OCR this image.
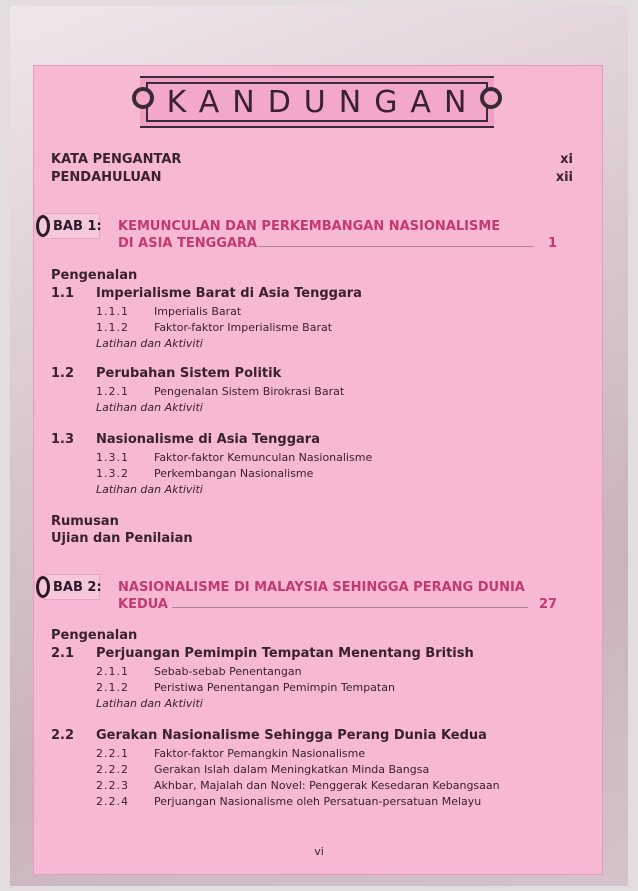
KANDUNGAN
KATA PENGANTAR	xi
PENDAHULUAN	xii
BAB 1: KEMUNCULAN DAN PERKEMBANGAN NASIONALISME
DI ASIA TENGGARA	1
Pengenalan
1.1 Imperialisme Barat di Asia Tenggara
1.1.1 Imperialis Barat
1.1.2 Faktor-faktor Imperialisme Barat
Latihan dan Aktiviti
1.2 Perubahan Sistem Politik
1.2.1 Pengenalan Sistem Birokrasi Barat
Latihan dan Aktiviti
1.3 Nasionalisme di Asia Tenggara
1.3.1 Faktor-faktor Kemunculan Nasionalisme
1.3.2 Perkembangan Nasionalisme
Latihan dan Aktiviti
Rumusan
Ujian dan Penilaian
BAB 2: NASIONALISME DI MALAYSIA SEHINGGA PERANG DUNIA
KEDUA	27
Pengenalan
2.1 Perjuangan Pemimpin Tempatan Menentang British
2.1.1 Sebab-sebab Penentangan
2.1.2 Peristiwa Penentangan Pemimpin Tempatan
Latihan dan Aktiviti
2.2 Gerakan Nasionalisme Sehingga Perang Dunia Kedua
2.2.1 Faktor-faktor Pemangkin Nasionalisme
2.2.2 Gerakan Islah dalam Meningkatkan Minda Bangsa
2.2.3 Akhbar, Majalah dan Novel: Penggerak Kesedaran Kebangsaan
2.2.4 Perjuangan Nasionalisme oleh Persatuan-persatuan Melayu
vi
